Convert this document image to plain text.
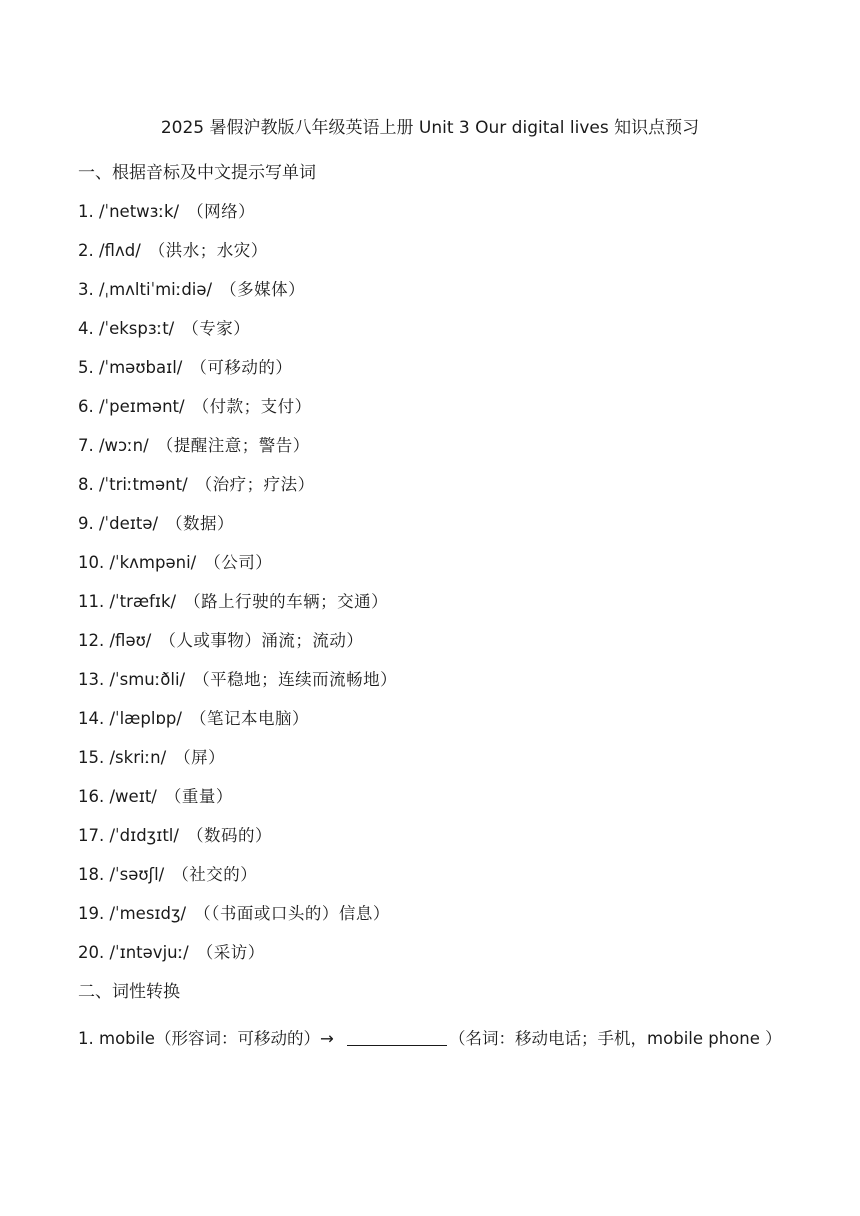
2025 暑假沪教版八年级英语上册 Unit 3 Our digital lives 知识点预习
一、根据音标及中文提示写单词
1. /ˈnetwɜːk/ （网络）
2. /flʌd/ （洪水；水灾）
3. /ˌmʌltiˈmiːdiə/ （多媒体）
4. /ˈekspɜːt/ （专家）
5. /ˈməʊbaɪl/ （可移动的）
6. /ˈpeɪmənt/ （付款；支付）
7. /wɔːn/ （提醒注意；警告）
8. /ˈtriːtmənt/ （治疗；疗法）
9. /ˈdeɪtə/ （数据）
10. /ˈkʌmpəni/ （公司）
11. /ˈtræfɪk/ （路上行驶的车辆；交通）
12. /fləʊ/ （人或事物）涌流；流动）
13. /ˈsmuːðli/ （平稳地；连续而流畅地）
14. /ˈlæplɒp/ （笔记本电脑）
15. /skriːn/ （屏）
16. /weɪt/ （重量）
17. /ˈdɪdʒɪtl/ （数码的）
18. /ˈsəʊʃl/ （社交的）
19. /ˈmesɪdʒ/ （（书面或口头的）信息）
20. /ˈɪntəvjuː/ （采访）
二、词性转换
1. mobile（形容词：可移动的）→	（名词：移动电话；手机，mobile phone ）
